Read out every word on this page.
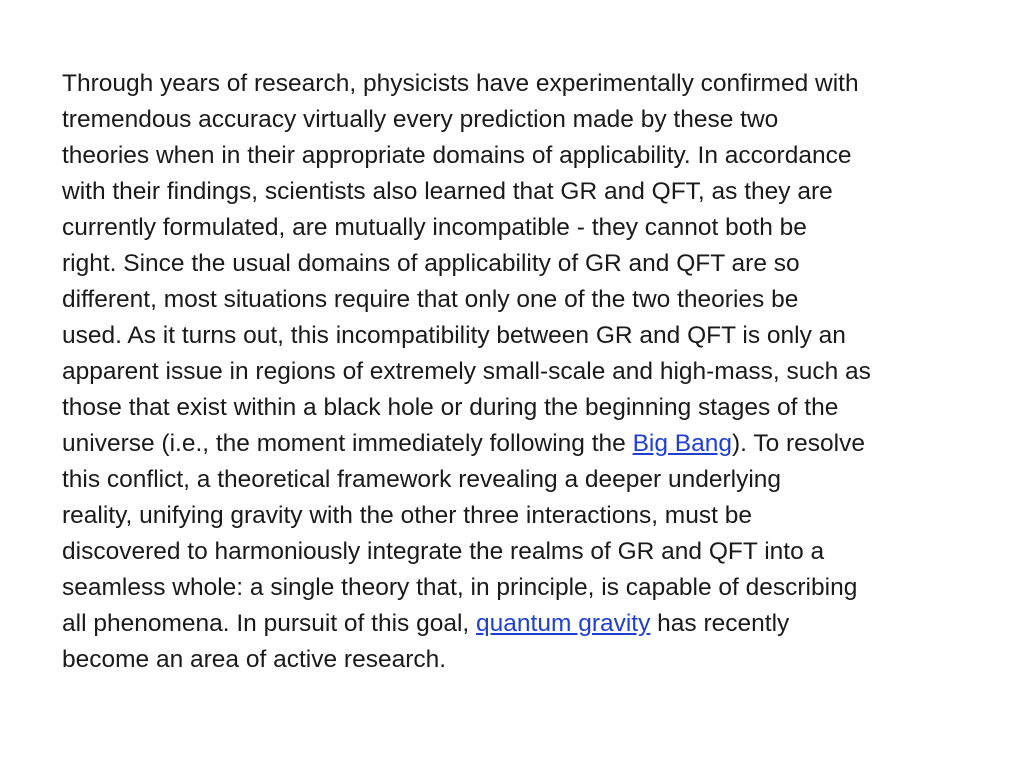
Through years of research, physicists have experimentally confirmed with
tremendous accuracy virtually every prediction made by these two
theories when in their appropriate domains of applicability. In accordance
with their findings, scientists also learned that GR and QFT, as they are
currently formulated, are mutually incompatible - they cannot both be
right. Since the usual domains of applicability of GR and QFT are so
different, most situations require that only one of the two theories be
used. As it turns out, this incompatibility between GR and QFT is only an
apparent issue in regions of extremely small-scale and high-mass, such as
those that exist within a black hole or during the beginning stages of the
universe (i.e., the moment immediately following the Big Bang). To resolve
this conflict, a theoretical framework revealing a deeper underlying
reality, unifying gravity with the other three interactions, must be
discovered to harmoniously integrate the realms of GR and QFT into a
seamless whole: a single theory that, in principle, is capable of describing
all phenomena. In pursuit of this goal, quantum gravity has recently
become an area of active research.
